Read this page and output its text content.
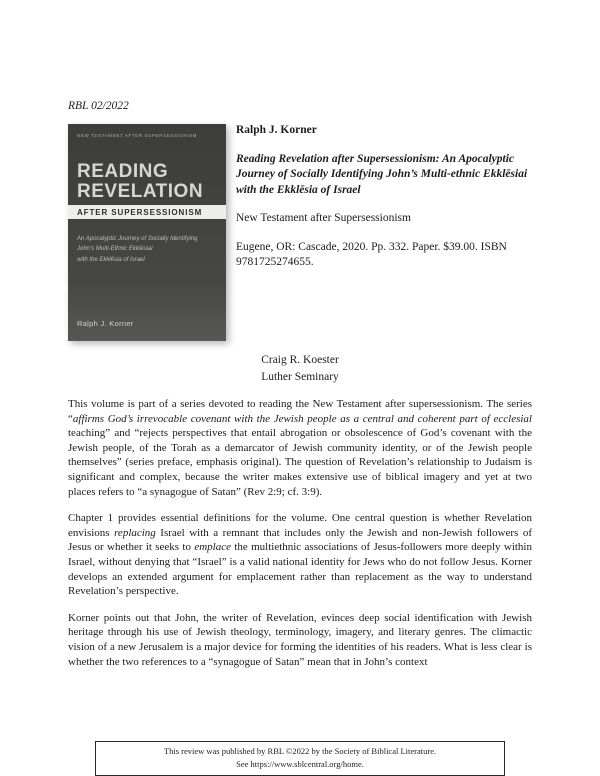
RBL 02/2022
NEW TESTAMENT AFTER SUPERSESSIONISM
READING
REVELATION
AFTER SUPERSESSIONISM
An Apocalyptic Journey of Socially Identifying
John’s Multi-Ethnic Ekklēsiai
with the Ekklēsia of Israel
Ralph J. Korner
Ralph J. Korner
Reading Revelation after Supersessionism: An Apocalyptic Journey of Socially Identifying John’s Multi-ethnic Ekklēsiai with the Ekklēsia of Israel
New Testament after Supersessionism
Eugene, OR: Cascade, 2020. Pp. 332. Paper. $39.00. ISBN 9781725274655.
Craig R. Koester
Luther Seminary

This volume is part of a series devoted to reading the New Testament after supersessionism. The series “affirms God’s irrevocable covenant with the Jewish people as a central and coherent part of ecclesial teaching” and “rejects perspectives that entail abrogation or obsolescence of God’s covenant with the Jewish people, of the Torah as a demarcator of Jewish community identity, or of the Jewish people themselves” (series preface, emphasis original). The question of Revelation’s relationship to Judaism is significant and complex, because the writer makes extensive use of biblical imagery and yet at two places refers to “a synagogue of Satan” (Rev 2:9; cf. 3:9).

Chapter 1 provides essential definitions for the volume. One central question is whether Revelation envisions replacing Israel with a remnant that includes only the Jewish and non-Jewish followers of Jesus or whether it seeks to emplace the multiethnic associations of Jesus-followers more deeply within Israel, without denying that “Israel” is a valid national identity for Jews who do not follow Jesus. Korner develops an extended argument for emplacement rather than replacement as the way to understand Revelation’s perspective.

Korner points out that John, the writer of Revelation, evinces deep social identification with Jewish heritage through his use of Jewish theology, terminology, imagery, and literary genres. The climactic vision of a new Jerusalem is a major device for forming the identities of his readers. What is less clear is whether the two references to a “synagogue of Satan” mean that in John’s context

This review was published by RBL ©2022 by the Society of Biblical Literature.
See https://www.sblcentral.org/home.
